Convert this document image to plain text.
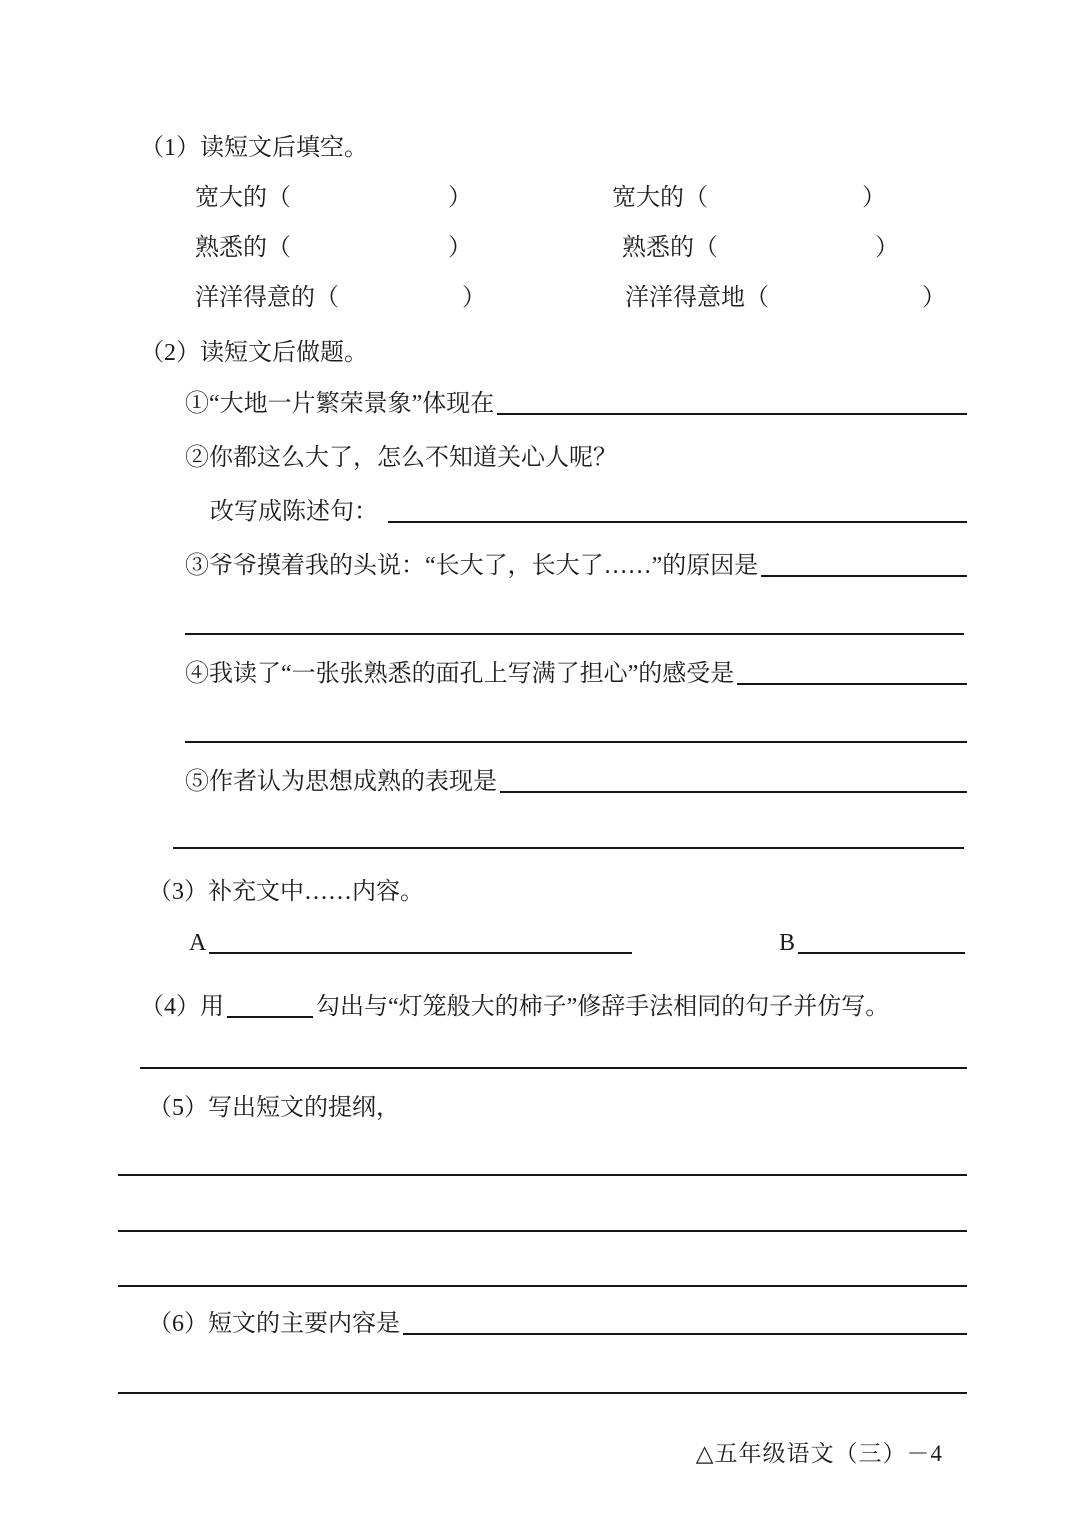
（1）读短文后填空。
宽大的（	）	宽大的（	）
熟悉的（	）	熟悉的（	）
洋洋得意的（	）	洋洋得意地（	）
（2）读短文后做题。
①“大地一片繁荣景象”体现在
②你都这么大了，怎么不知道关心人呢？
改写成陈述句：
③爷爷摸着我的头说：“长大了，长大了……”的原因是
④我读了“一张张熟悉的面孔上写满了担心”的感受是
⑤作者认为思想成熟的表现是
（3）补充文中……内容。
A	B
（4）用	勾出与“灯笼般大的柿子”修辞手法相同的句子并仿写。
（5）写出短文的提纲，
（6）短文的主要内容是
△五年级语文（三）－4
